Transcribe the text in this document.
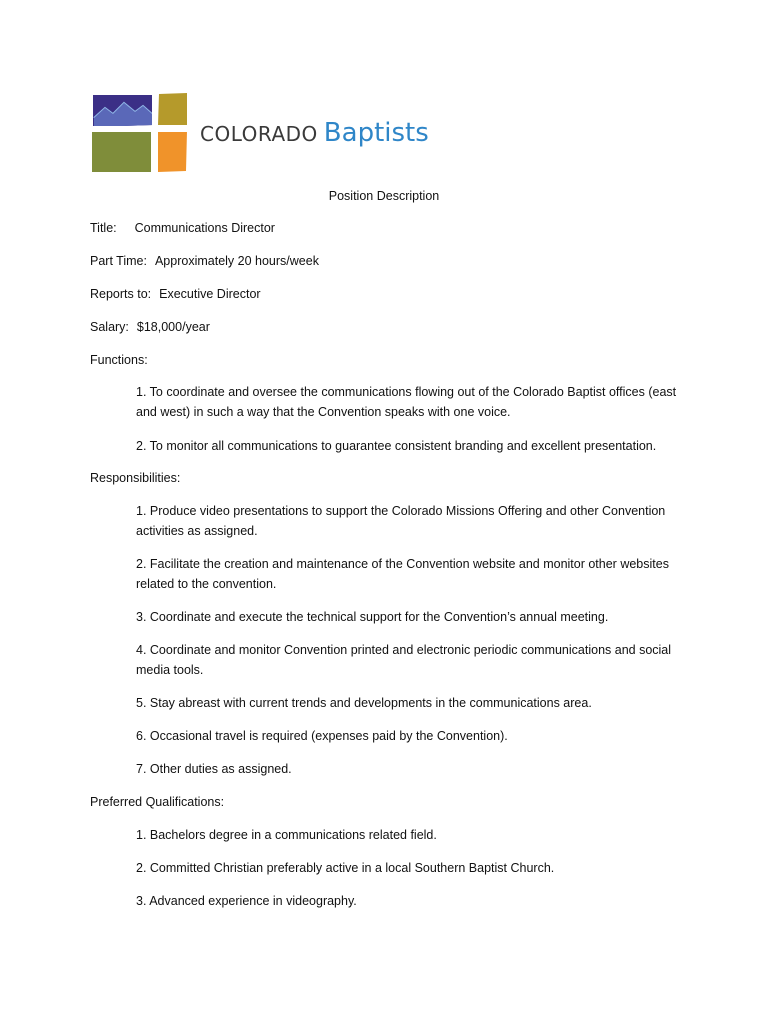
COLORADO Baptists
Position Description
Title: Communications Director
Part Time: Approximately 20 hours/week
Reports to: Executive Director
Salary: $18,000/year
Functions:
1. To coordinate and oversee the communications flowing out of the Colorado Baptist offices (east and west) in such a way that the Convention speaks with one voice.
2. To monitor all communications to guarantee consistent branding and excellent presentation.
Responsibilities:
1. Produce video presentations to support the Colorado Missions Offering and other Convention activities as assigned.
2. Facilitate the creation and maintenance of the Convention website and monitor other websites related to the convention.
3. Coordinate and execute the technical support for the Convention’s annual meeting.
4. Coordinate and monitor Convention printed and electronic periodic communications and social media tools.
5. Stay abreast with current trends and developments in the communications area.
6. Occasional travel is required (expenses paid by the Convention).
7. Other duties as assigned.
Preferred Qualifications:
1. Bachelors degree in a communications related field.
2. Committed Christian preferably active in a local Southern Baptist Church.
3. Advanced experience in videography.
